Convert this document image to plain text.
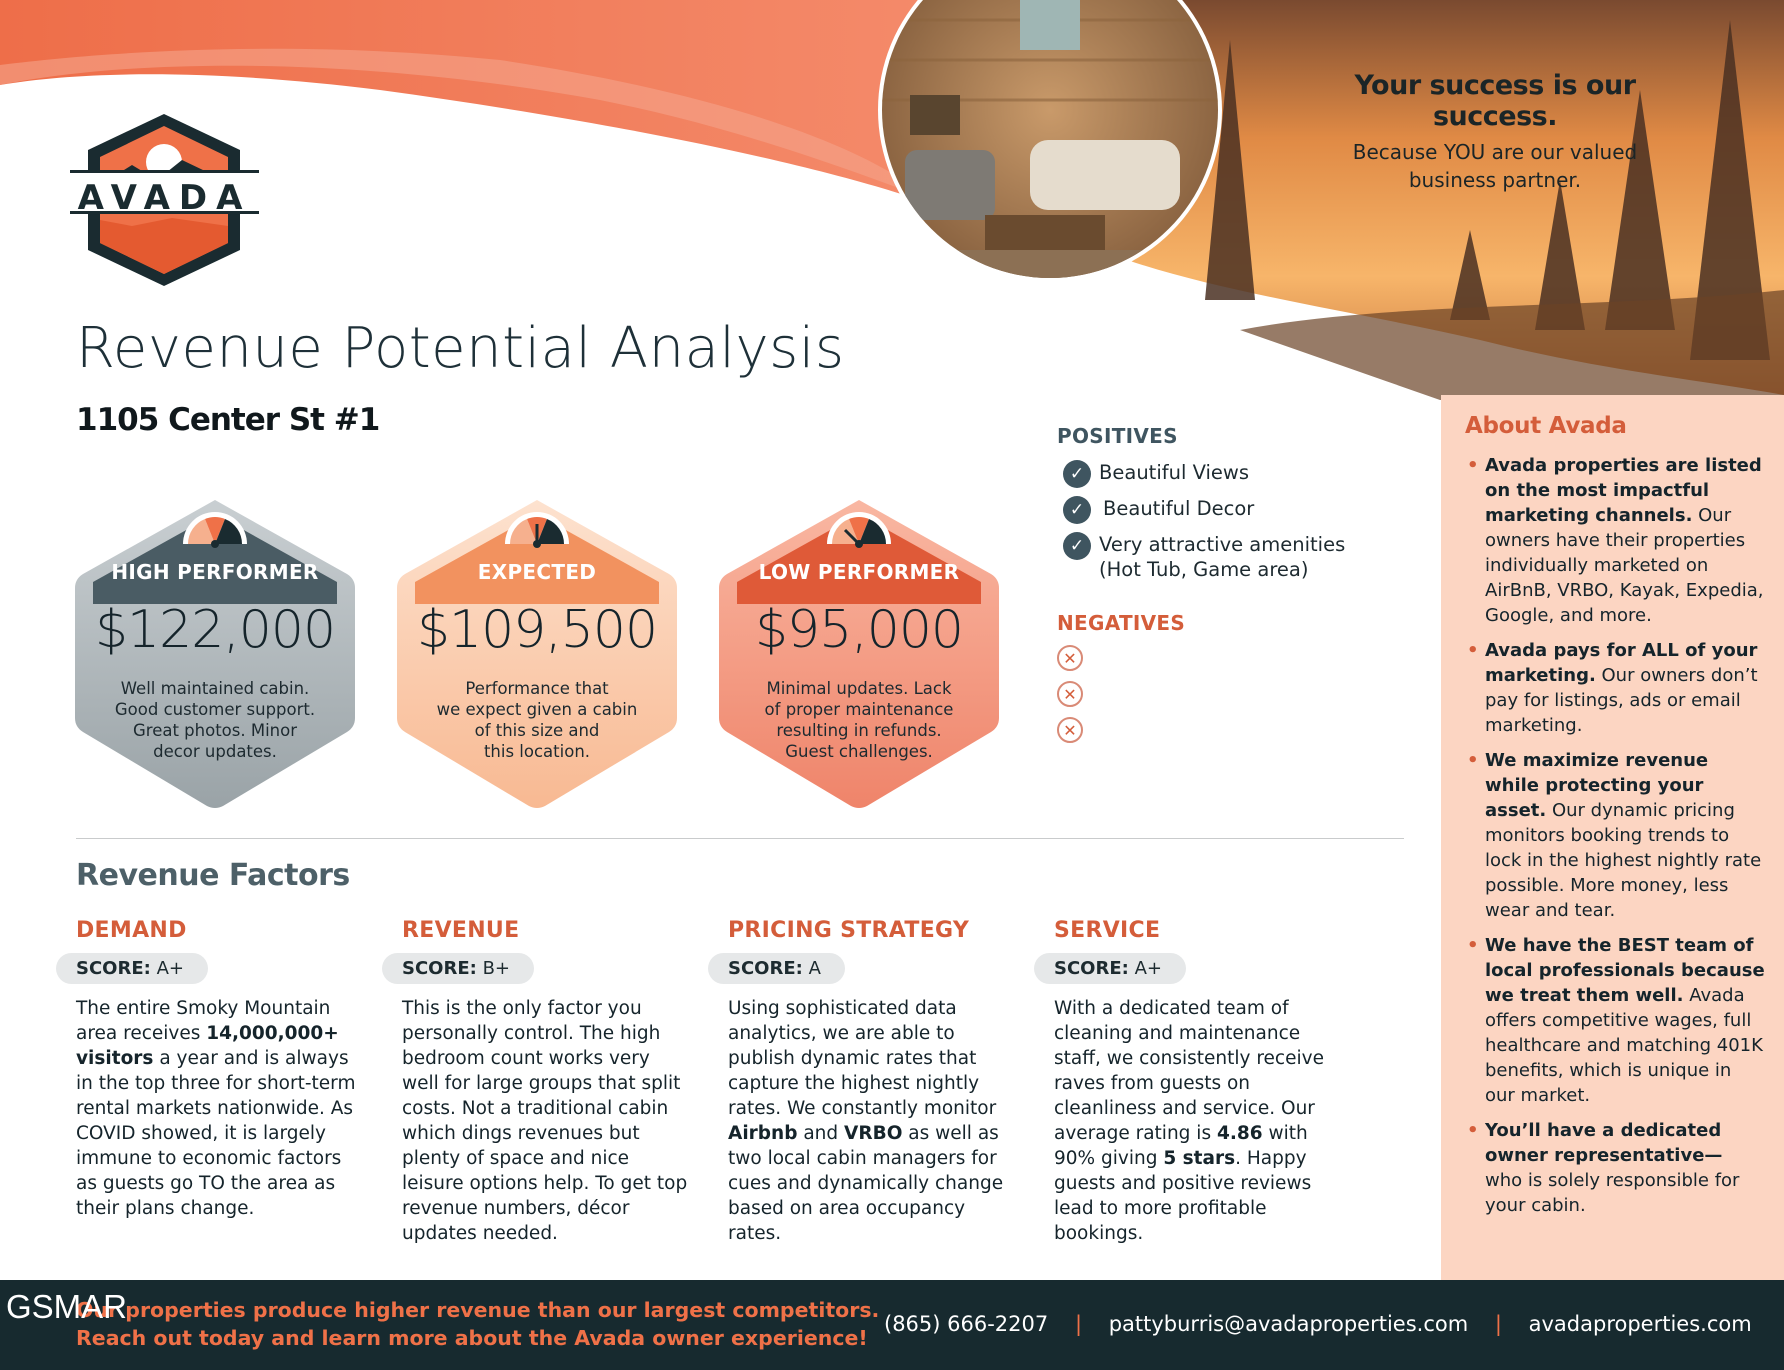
AVADA
Your success is our success.

Because YOU are our valued
business partner.

Revenue Potential Analysis
1105 Center St #1
HIGH PERFORMER
$122,000
Well maintained cabin.
Good customer support.
Great photos. Minor
decor updates.
EXPECTED
$109,500
Performance that
we expect given a cabin
of this size and
this location.
LOW PERFORMER
$95,000
Minimal updates. Lack
of proper maintenance
resulting in refunds.
Guest challenges.
POSITIVES
✓ Beautiful Views
✓ Beautiful Decor
✓ Very attractive amenities
(Hot Tub, Game area)
NEGATIVES
✕
✕
✕
Revenue Factors
DEMAND
SCORE: A+

The entire Smoky Mountain area receives 14,000,000+ visitors a year and is always in the top three for short-term rental markets nationwide. As COVID showed, it is largely immune to economic factors as guests go TO the area as their plans change.

REVENUE
SCORE: B+

This is the only factor you personally control. The high bedroom count works very well for large groups that split costs. Not a traditional cabin which dings revenues but plenty of space and nice leisure options help. To get top revenue numbers, décor updates needed.

PRICING STRATEGY
SCORE: A

Using sophisticated data analytics, we are able to publish dynamic rates that capture the highest nightly rates. We constantly monitor Airbnb and VRBO as well as two local cabin managers for cues and dynamically change based on area occupancy rates.

SERVICE
SCORE: A+

With a dedicated team of cleaning and maintenance staff, we consistently receive raves from guests on cleanliness and service. Our average rating is 4.86 with 90% giving 5 stars. Happy guests and positive reviews lead to more profitable bookings.

About Avada
• Avada properties are listed on the most impactful marketing channels. Our owners have their properties individually marketed on AirBnB, VRBO, Kayak, Expedia, Google, and more.
• Avada pays for ALL of your marketing. Our owners don’t pay for listings, ads or email marketing.
• We maximize revenue while protecting your asset. Our dynamic pricing monitors booking trends to lock in the highest nightly rate possible. More money, less wear and tear.
• We have the BEST team of local professionals because we treat them well. Avada offers competitive wages, full healthcare and matching 401K benefits, which is unique in our market.
• You’ll have a dedicated owner representative— who is solely responsible for your cabin.
Our properties produce higher revenue than our largest competitors.
Reach out today and learn more about the Avada owner experience!
(865) 666-2207 | pattyburris@avadaproperties.com | avadaproperties.com
GSMAR
